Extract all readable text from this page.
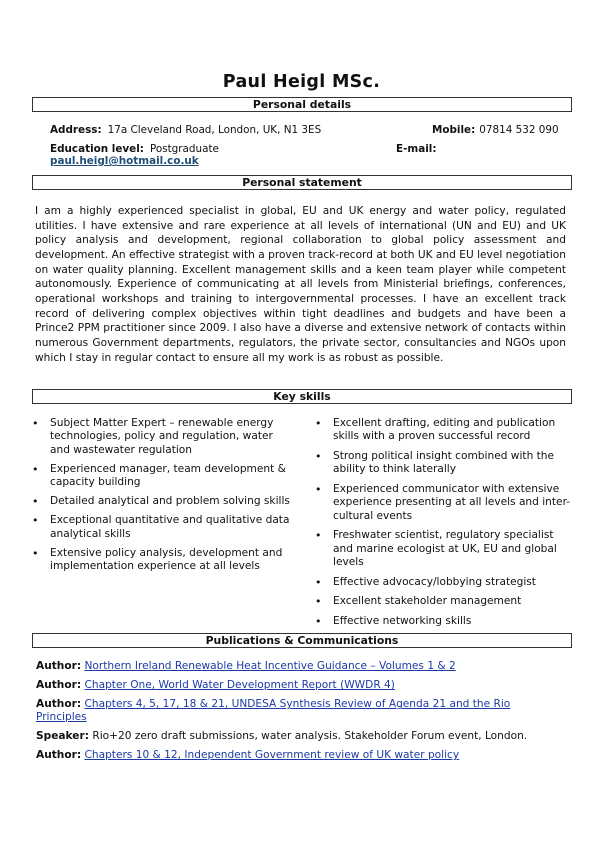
Paul Heigl MSc.
Personal details
Address: 17a Cleveland Road, London, UK, N1 3ES	Mobile: 07814 532 090
Education level: Postgraduate	E-mail:
paul.heigl@hotmail.co.uk
Personal statement
I am a highly experienced specialist in global, EU and UK energy and water policy, regulated utilities. I have extensive and rare experience at all levels of international (UN and EU) and UK policy analysis and development, regional collaboration to global policy assessment and development. An effective strategist with a proven track-record at both UK and EU level negotiation on water quality planning. Excellent management skills and a keen team player while competent autonomously. Experience of communicating at all levels from Ministerial briefings, conferences, operational workshops and training to intergovernmental processes. I have an excellent track record of delivering complex objectives within tight deadlines and budgets and have been a Prince2 PPM practitioner since 2009. I also have a diverse and extensive network of contacts within numerous Government departments, regulators, the private sector, consultancies and NGOs upon which I stay in regular contact to ensure all my work is as robust as possible.
Key skills
• Subject Matter Expert – renewable energy technologies, policy and regulation, water and wastewater regulation
• Experienced manager, team development & capacity building
• Detailed analytical and problem solving skills
• Exceptional quantitative and qualitative data analytical skills
• Extensive policy analysis, development and implementation experience at all levels
• Excellent drafting, editing and publication skills with a proven successful record
• Strong political insight combined with the ability to think laterally
• Experienced communicator with extensive experience presenting at all levels and inter-cultural events
• Freshwater scientist, regulatory specialist and marine ecologist at UK, EU and global levels
• Effective advocacy/lobbying strategist
• Excellent stakeholder management
• Effective networking skills
Publications & Communications
Author: Northern Ireland Renewable Heat Incentive Guidance – Volumes 1 & 2
Author: Chapter One, World Water Development Report (WWDR 4)
Author: Chapters 4, 5, 17, 18 & 21, UNDESA Synthesis Review of Agenda 21 and the Rio Principles
Speaker: Rio+20 zero draft submissions, water analysis. Stakeholder Forum event, London.
Author: Chapters 10 & 12, Independent Government review of UK water policy
